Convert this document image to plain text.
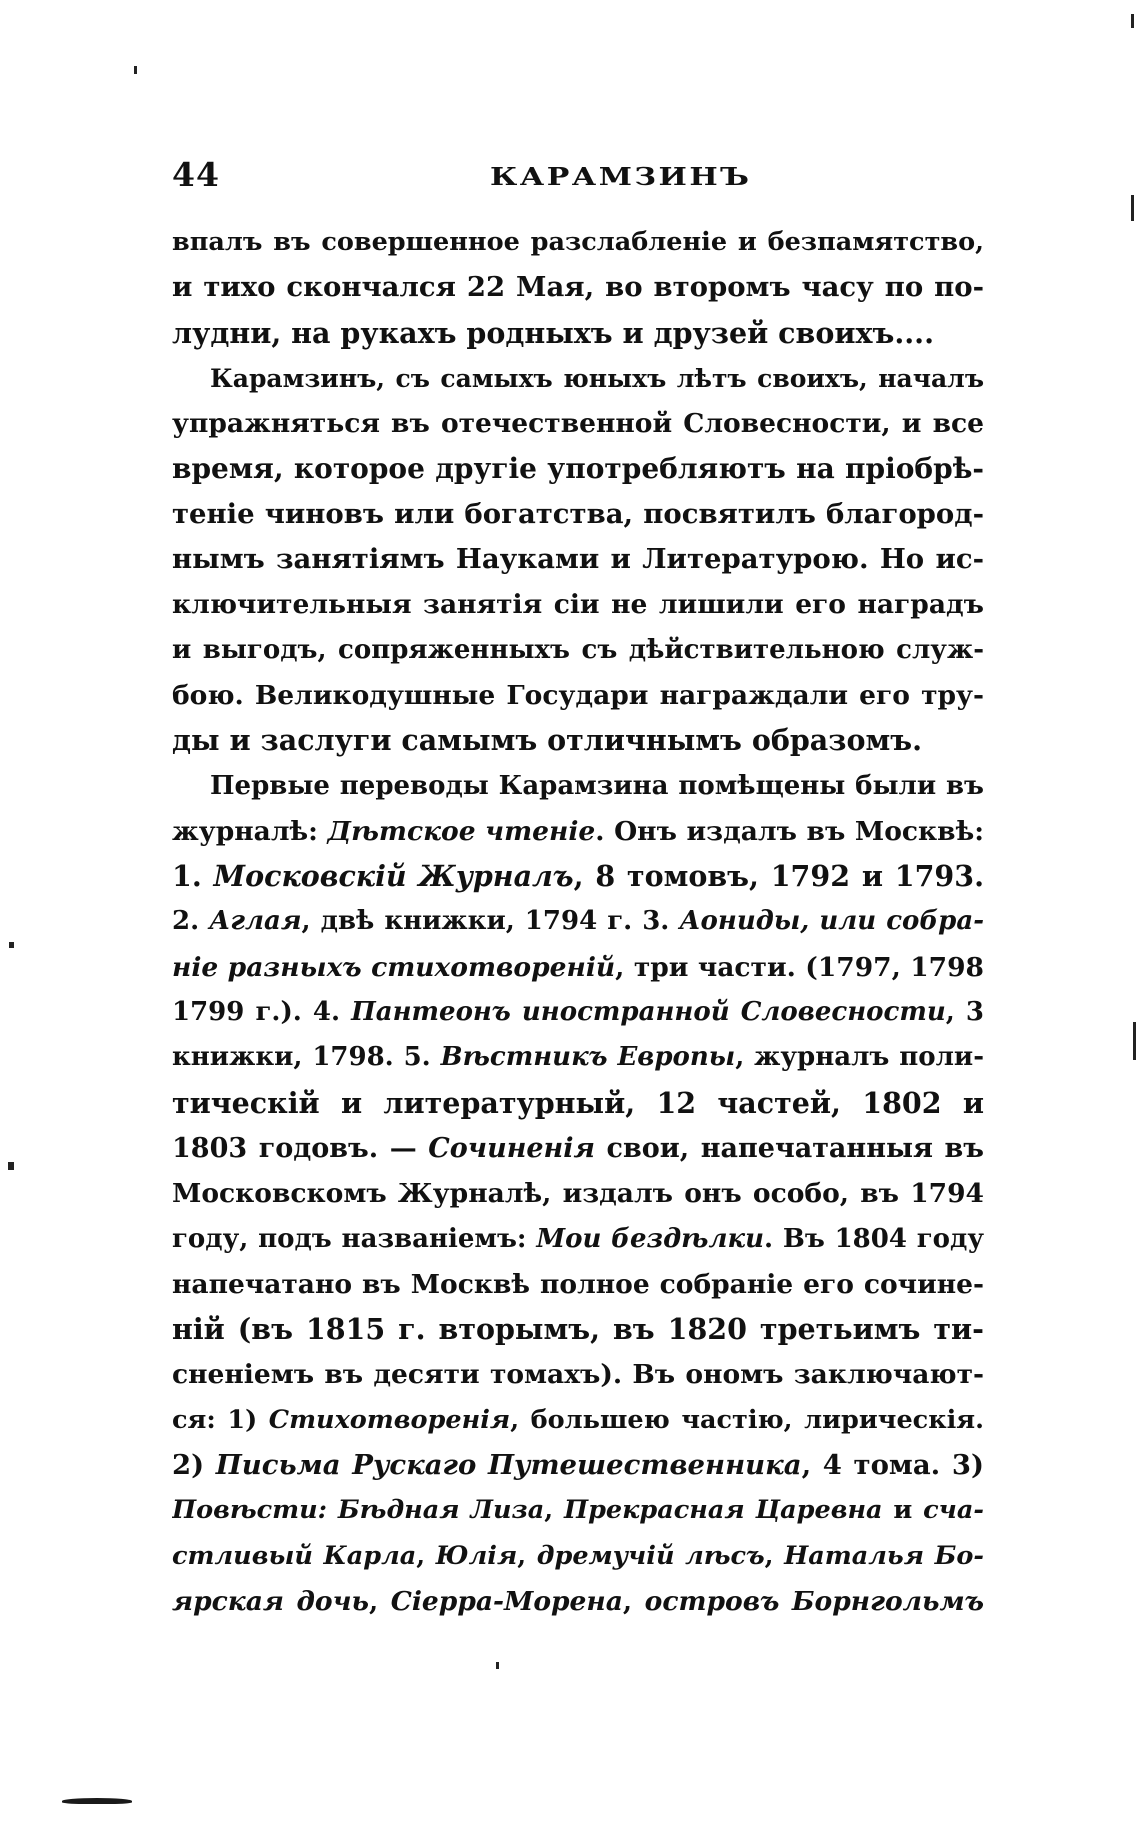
44	КАРАМЗИНЪ
впалъ въ совершенное разслабленіе и безпамятство,
и тихо скончался 22 Мая, во второмъ часу по по-
лудни, на рукахъ родныхъ и друзей своихъ....
Карамзинъ, съ самыхъ юныхъ лѣтъ своихъ, началъ
упражняться въ отечественной Словесности, и все
время, которое другіе употребляютъ на пріобрѣ-
теніе чиновъ или богатства, посвятилъ благород-
нымъ занятіямъ Науками и Литературою. Но ис-
ключительныя занятія сіи не лишили его наградъ
и выгодъ, сопряженныхъ съ дѣйствительною служ-
бою. Великодушные Государи награждали его тру-
ды и заслуги самымъ отличнымъ образомъ.
Первые переводы Карамзина помѣщены были въ
журналѣ: Дѣтское чтеніе. Онъ издалъ въ Москвѣ:
1. Московскій Журналъ, 8 томовъ, 1792 и 1793.
2. Аглая, двѣ книжки, 1794 г. 3. Аониды, или собра-
ніе разныхъ стихотвореній, три части. (1797, 1798
1799 г.). 4. Пантеонъ иностранной Словесности, 3
книжки, 1798. 5. Вѣстникъ Европы, журналъ поли-
тическій и литературный, 12 частей, 1802 и
1803 годовъ. — Сочиненія свои, напечатанныя въ
Московскомъ Журналѣ, издалъ онъ особо, въ 1794
году, подъ названіемъ: Мои бездѣлки. Въ 1804 году
напечатано въ Москвѣ полное собраніе его сочине-
ній (въ 1815 г. вторымъ, въ 1820 третьимъ ти-
сненіемъ въ десяти томахъ). Въ ономъ заключают-
ся: 1) Стихотворенія, большею частію, лирическія.
2) Письма Рускаго Путешественника, 4 тома. 3)
Повѣсти: Бѣдная Лиза, Прекрасная Царевна и сча-
стливый Карла, Юлія, дремучій лѣсъ, Наталья Бо-
ярская дочь, Сіерра-Морена, островъ Борнгольмъ
